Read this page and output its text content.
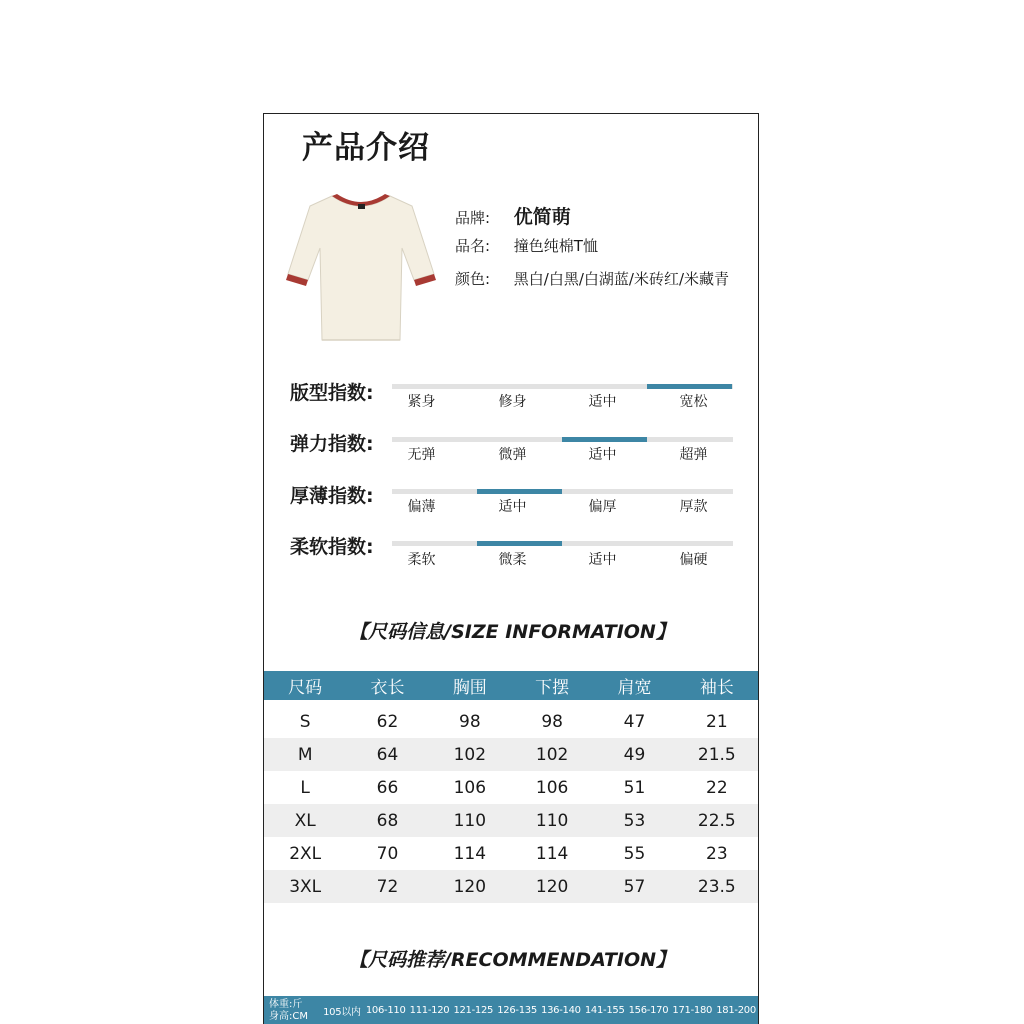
产品介绍
品牌: 优简萌
品名: 撞色纯棉T恤
颜色: 黑白/白黑/白湖蓝/米砖红/米藏青
版型指数:	紧身	修身	适中	宽松
弹力指数:	无弹	微弹	适中	超弹
厚薄指数:	偏薄	适中	偏厚	厚款
柔软指数:
柔软	微柔	适中	偏硬
【尺码信息/SIZE INFORMATION】
尺码	衣长	胸围	下摆	肩宽	袖长
S	62	98	98	47	21
M	64	102	102	49	21.5
L	66	106	106	51	22
XL	68	110	110	53	22.5
2XL	70	114	114	55	23
3XL	72	120	120	57	23.5
【尺码推荐/RECOMMENDATION】
体重:斤
身高:CM	105以内 106-110 111-120 121-125 126-135 136-140 141-155 156-170 171-180 181-200
